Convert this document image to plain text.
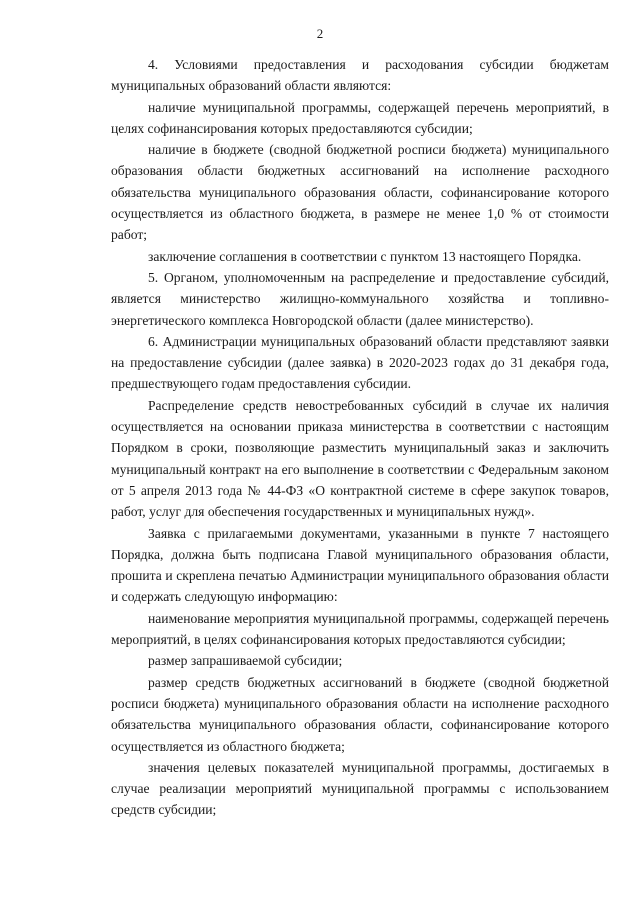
2

4. Условиями предоставления и расходования субсидии бюджетам муниципальных образований области являются:

наличие муниципальной программы, содержащей перечень мероприятий, в целях софинансирования которых предоставляются субсидии;

наличие в бюджете (сводной бюджетной росписи бюджета) муниципального образования области бюджетных ассигнований на исполнение расходного обязательства муниципального образования области, софинансирование которого осуществляется из областного бюджета, в размере не менее 1,0 % от стоимости работ;

заключение соглашения в соответствии с пунктом 13 настоящего Порядка.

5. Органом, уполномоченным на распределение и предоставление субсидий, является министерство жилищно-коммунального хозяйства и топливно-энергетического комплекса Новгородской области (далее министерство).

6. Администрации муниципальных образований области представляют заявки на предоставление субсидии (далее заявка) в 2020-2023 годах до 31 декабря года, предшествующего годам предоставления субсидии.

Распределение средств невостребованных субсидий в случае их наличия осуществляется на основании приказа министерства в соответствии с настоящим Порядком в сроки, позволяющие разместить муниципальный заказ и заключить муниципальный контракт на его выполнение в соответствии с Федеральным законом от 5 апреля 2013 года № 44-ФЗ «О контрактной системе в сфере закупок товаров, работ, услуг для обеспечения государственных и муниципальных нужд».

Заявка с прилагаемыми документами, указанными в пункте 7 настоящего Порядка, должна быть подписана Главой муниципального образования области, прошита и скреплена печатью Администрации муниципального образования области и содержать следующую информацию:

наименование мероприятия муниципальной программы, содержащей перечень мероприятий, в целях софинансирования которых предоставляются субсидии;

размер запрашиваемой субсидии;

размер средств бюджетных ассигнований в бюджете (сводной бюджетной росписи бюджета) муниципального образования области на исполнение расходного обязательства муниципального образования области, софинансирование которого осуществляется из областного бюджета;

значения целевых показателей муниципальной программы, достигаемых в случае реализации мероприятий муниципальной программы с использованием средств субсидии;
